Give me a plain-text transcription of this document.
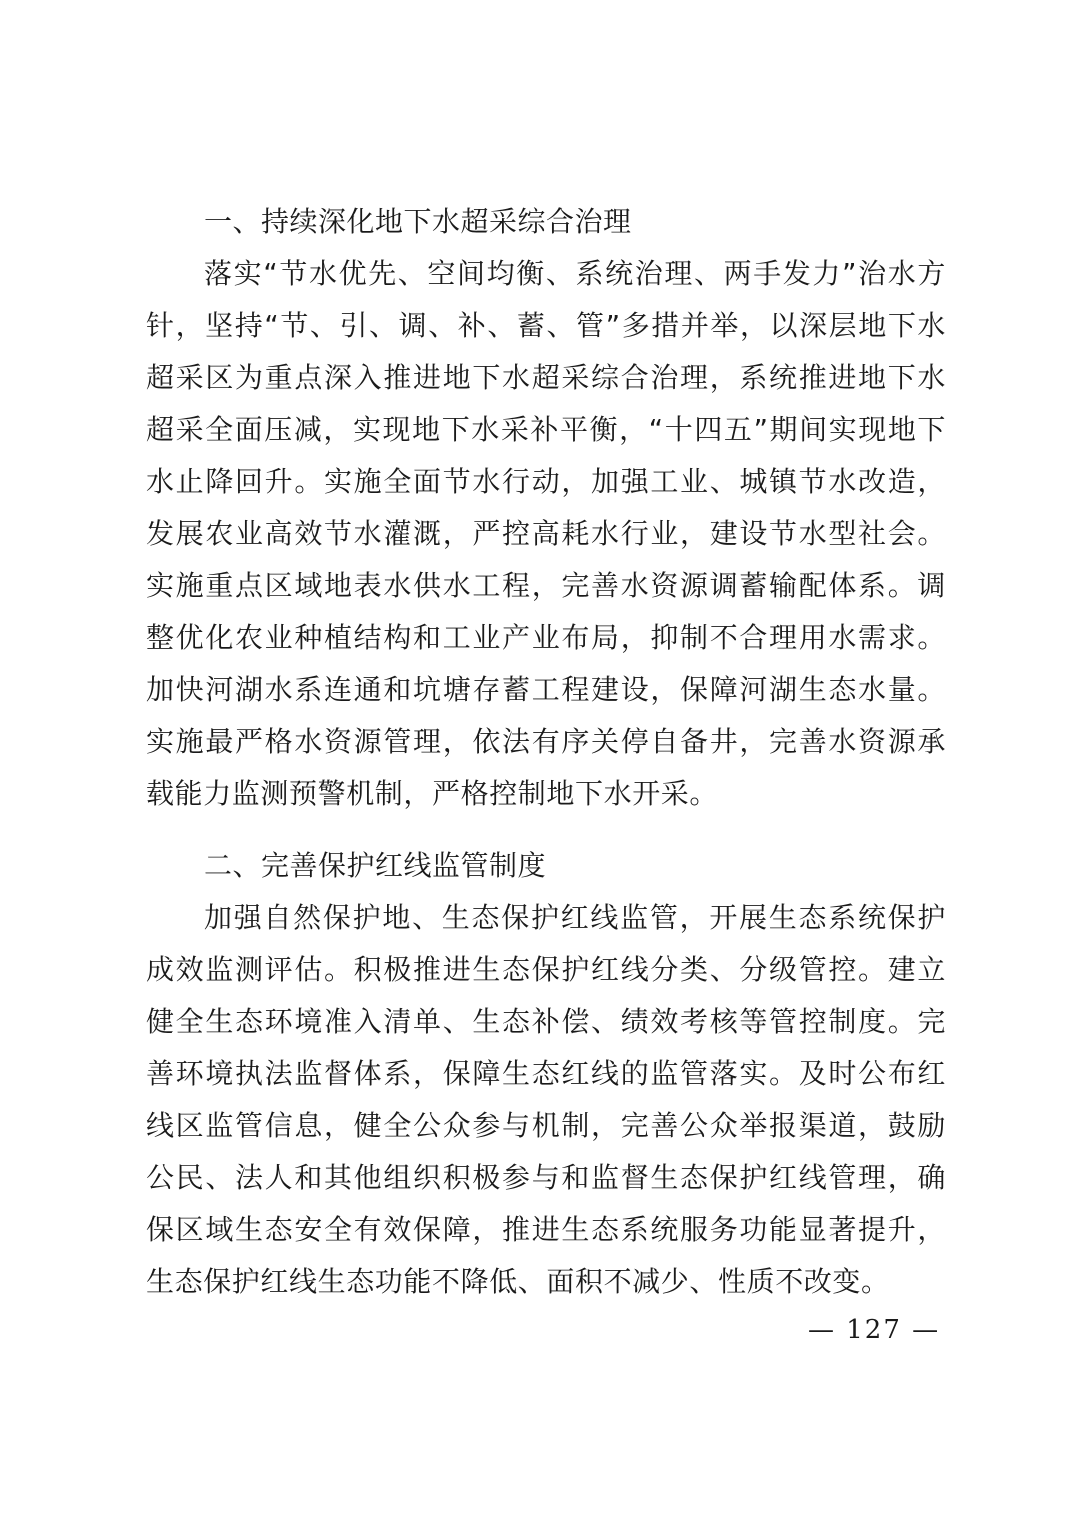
一、持续深化地下水超采综合治理

落实“节水优先、空间均衡、系统治理、两手发力”治水方针，坚持“节、引、调、补、蓄、管”多措并举，以深层地下水超采区为重点深入推进地下水超采综合治理，系统推进地下水超采全面压减，实现地下水采补平衡，“十四五”期间实现地下水止降回升。实施全面节水行动，加强工业、城镇节水改造，发展农业高效节水灌溉，严控高耗水行业，建设节水型社会。实施重点区域地表水供水工程，完善水资源调蓄输配体系。调整优化农业种植结构和工业产业布局，抑制不合理用水需求。加快河湖水系连通和坑塘存蓄工程建设，保障河湖生态水量。实施最严格水资源管理，依法有序关停自备井，完善水资源承载能力监测预警机制，严格控制地下水开采。

二、完善保护红线监管制度

加强自然保护地、生态保护红线监管，开展生态系统保护成效监测评估。积极推进生态保护红线分类、分级管控。建立健全生态环境准入清单、生态补偿、绩效考核等管控制度。完善环境执法监督体系，保障生态红线的监管落实。及时公布红线区监管信息，健全公众参与机制，完善公众举报渠道，鼓励公民、法人和其他组织积极参与和监督生态保护红线管理，确保区域生态安全有效保障，推进生态系统服务功能显著提升，生态保护红线生态功能不降低、面积不减少、性质不改变。

— 127 —
